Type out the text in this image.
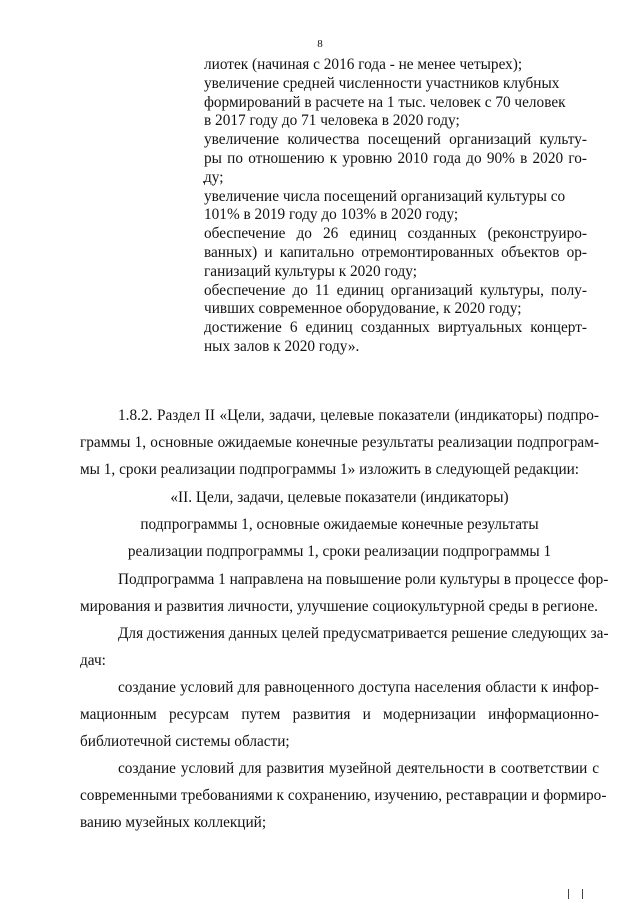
8
лиотек (начиная с 2016 года - не менее четырех);
увеличение средней численности участников клубных
формирований в расчете на 1 тыс. человек с 70 человек
в 2017 году до 71 человека в 2020 году;
увеличение количества посещений организаций культу-
ры по отношению к уровню 2010 года до 90% в 2020 го-
ду;
увеличение числа посещений организаций культуры со
101% в 2019 году до 103% в 2020 году;
обеспечение до 26 единиц созданных (реконструиро-
ванных) и капитально отремонтированных объектов ор-
ганизаций культуры к 2020 году;
обеспечение до 11 единиц организаций культуры, полу-
чивших современное оборудование, к 2020 году;
достижение 6 единиц созданных виртуальных концерт-
ных залов к 2020 году».
1.8.2. Раздел II «Цели, задачи, целевые показатели (индикаторы) подпро-
граммы 1, основные ожидаемые конечные результаты реализации подпрограм-
мы 1, сроки реализации подпрограммы 1» изложить в следующей редакции:
«II. Цели, задачи, целевые показатели (индикаторы)
подпрограммы 1, основные ожидаемые конечные результаты
реализации подпрограммы 1, сроки реализации подпрограммы 1
Подпрограмма 1 направлена на повышение роли культуры в процессе фор-
мирования и развития личности, улучшение социокультурной среды в регионе.
Для достижения данных целей предусматривается решение следующих за-
дач:
создание условий для равноценного доступа населения области к инфор-
мационным ресурсам путем развития и модернизации информационно-
библиотечной системы области;
создание условий для развития музейной деятельности в соответствии с
современными требованиями к сохранению, изучению, реставрации и формиро-
ванию музейных коллекций;
